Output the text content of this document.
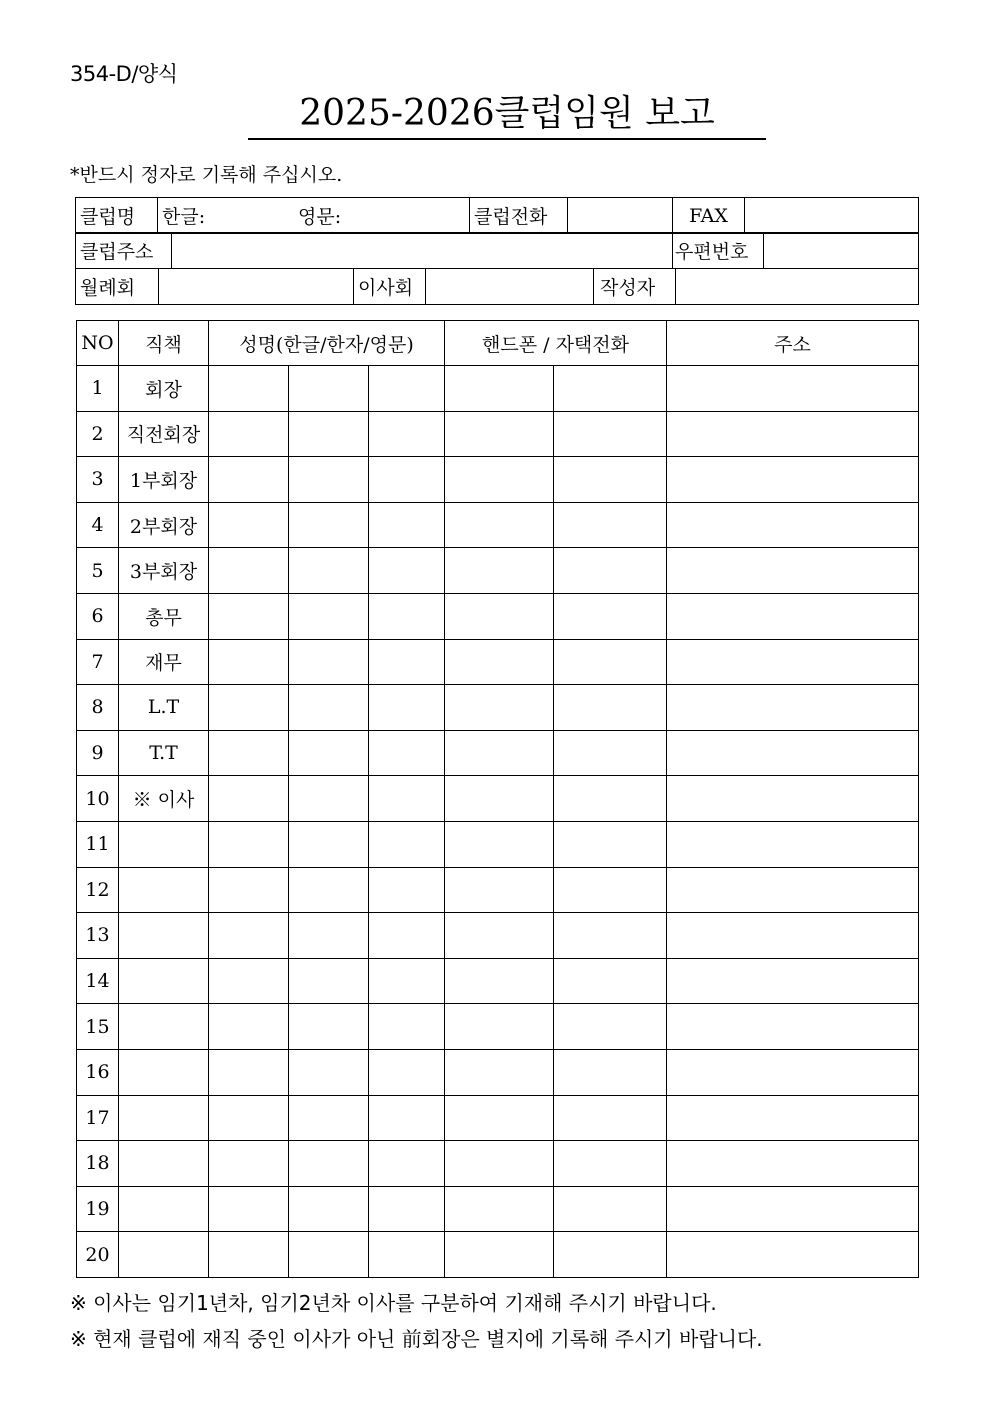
354-D/양식
2025-2026클럽임원 보고
*반드시 정자로 기록해 주십시오.
클럽명	한글:	영문:	클럽전화		FAX	
클럽주소		우편번호	
월례회		이사회		작성자	
NO	직책	성명(한글/한자/영문)			핸드폰 / 자택전화		주소
1	회장						
2	직전회장						
3	1부회장						
4	2부회장						
5	3부회장						
6	총무						
7	재무						
8	L.T						
9	T.T						
10	※ 이사						
11							
12							
13							
14							
15							
16							
17							
18							
19							
20							
※ 이사는 임기1년차, 임기2년차 이사를 구분하여 기재해 주시기 바랍니다.
※ 현재 클럽에 재직 중인 이사가 아닌 前회장은 별지에 기록해 주시기 바랍니다.
